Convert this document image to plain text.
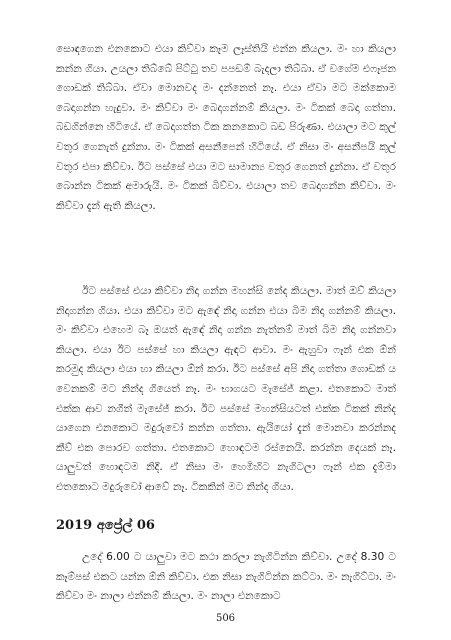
සොඳගෙන එනකොට එයා කිව්වා කෑම ලෑස්තියි එන්න කියලා. මං හා කියලා කන්න ගියා. උයලා තිබ්බේ පිට්ටු තව පපඩම් බැදලා තිබ්බා. ඒ වගේම එෆෑජන ගොඩක් තිබ්බා. ඒවා මොනවද මං දන්නෙත් නෑ. එයා ඒවා මට මක්කොම බෙදාගන්න හැදුවා. මං කිව්වා මං බෙදාගන්නම් කියලා. මං ටිකක් බෙදා ගත්තා. බඩගින්නෙ හිටියේ. ඒ බෙදාගත්ත ටික කනකොට බඩ පිරුණා. එයාලා මට කුල් වතුර ගෙනැත් දුන්නා. මං ටිකක් අසනීපෙන් හිටියේ. ඒ නිසා මං අසනීපයි කුල් වතුර එපා කිව්වා. ඊට පස්සේ එයා මට සාමාන්‍ය වතුර ගෙනත් දුන්නා. ඒ වතුර බොන්න ටිකක් අමාරුයි. මං ටිකක් බිව්වා. එයාලා තව බෙදාගන්න කිව්වා. මං කිව්වා දැන් ඇති කියලා.

ඊට පස්සේ එයා කිව්වා නිදා ගන්න මහන්සි නේද කියලා. මාත් ඔව් කියලා නිදාගන්න ගියා. එයා කිව්වා මට ඇඳේ නිදා ගන්න එයා බිම නිදා ගන්නම් කියලා. මං කිව්වා එහෙම බෑ ඔයත් ඇඳේ නිදා ගන්න නැත්නම් මාත් බිම නිදා ගන්නවා කියලා. එයා ඊට පස්සේ හා කියලා ඇඳට ආවා. මං ඇහුවා ෆෑන් එක ඕන් කරමුද කියලා එයා හා කියලා ඕන් කරා. ඊට පස්සේ අපි නිදා ගත්තා ගොඩක් ය වෙනකම් මට නින්ද ගියෙත් නෑ. මං භාගයට මැසේජ් කළා. එතකොට මාත් එක්ක ආව නගීත් මැසේජ් කරා. ඊට පස්සේ මහන්සියටත් එක්ක ටිකක් නින්ද යාගෙන එනකොට මදුරුවෝ කන්න ගත්තා. ඇයියෝ දැන් මොනවා කරන්නද කීව් එක පොරව ගත්තා. එතකොට හොඳටම රස්නෙයි. කරන්න දෙයක් නෑ. යාලුවත් හොඳටම නිදි. ඒ නිසා මං හෙමිහිට නැගිටලා ෆෑන් එක දැම්මා එතකොට මදුරුවෝ ආවේ නෑ. ටිකකින් මට නින්ද ගියා.

2019 අප්‍රේල් 06

උදේ 6.00 ට යාලුවා මට කථා කරලා නැගිටින්න කිව්වා. උදේ 8.30 ට කෑම්පස් එකට යන්න ඕනි කිව්වා. එක නිසා නැගිටින්න කට්ටා. මං නැගිට්ටා. මං කිව්වා මං නාලා එන්නම් කියලා. මං නාලා එනකොට

506
